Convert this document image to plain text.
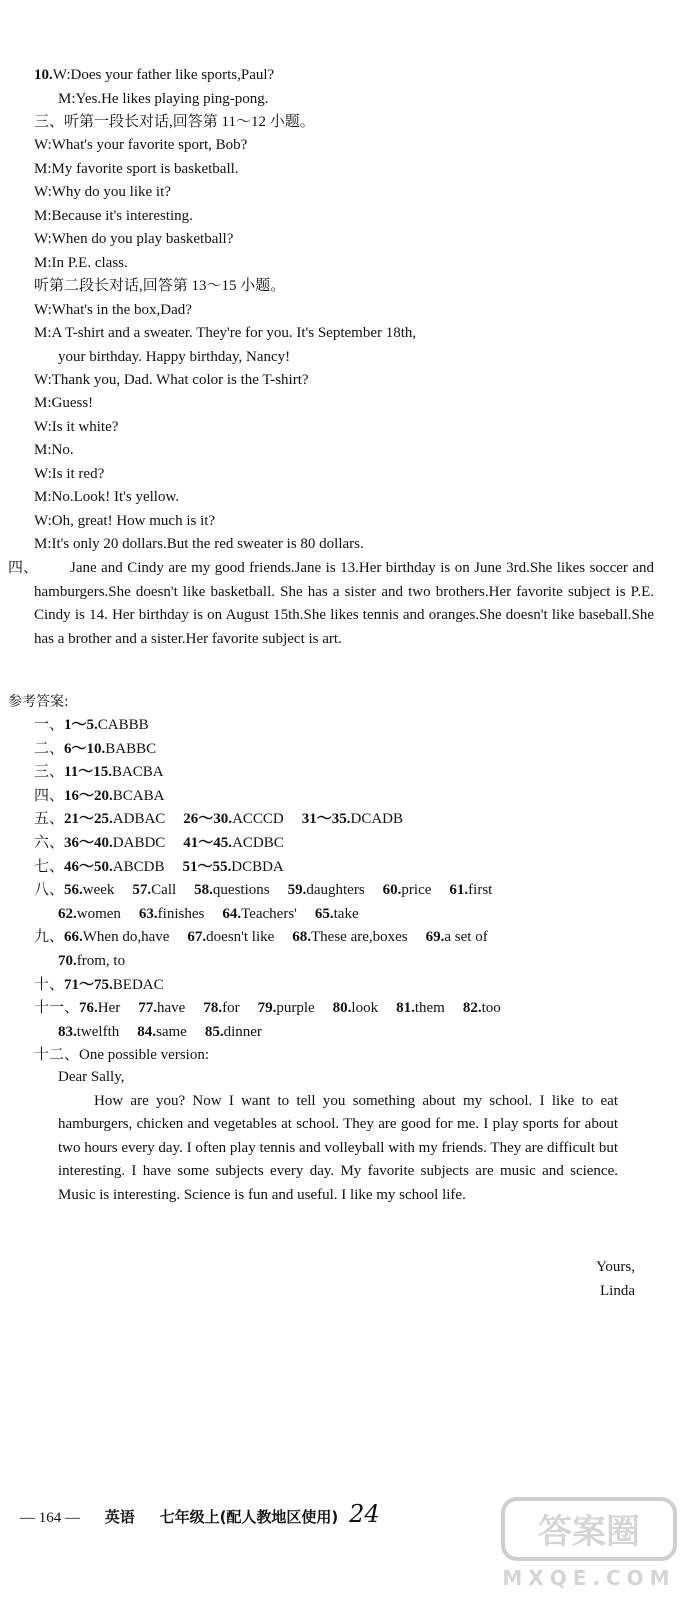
10.W:Does your father like sports,Paul?
M:Yes.He likes playing ping-pong.
三、听第一段长对话,回答第 11～12 小题。
W:What's your favorite sport, Bob?
M:My favorite sport is basketball.
W:Why do you like it?
M:Because it's interesting.
W:When do you play basketball?
M:In P.E. class.
听第二段长对话,回答第 13～15 小题。
W:What's in the box,Dad?
M:A T-shirt and a sweater. They're for you. It's September 18th,
your birthday. Happy birthday, Nancy!
W:Thank you, Dad. What color is the T-shirt?
M:Guess!
W:Is it white?
M:No.
W:Is it red?
M:No.Look! It's yellow.
W:Oh, great! How much is it?
M:It's only 20 dollars.But the red sweater is 80 dollars.
四、	Jane and Cindy are my good friends.Jane is 13.Her birthday is on June 3rd.She likes soccer and hamburgers.She doesn't like basketball. She has a sister and two brothers.Her favorite subject is P.E. Cindy is 14. Her birthday is on August 15th.She likes tennis and oranges.She doesn't like baseball.She has a brother and a sister.Her favorite subject is art.
参考答案:
一、1～5.CABBB
二、6～10.BABBC
三、11～15.BACBA
四、16～20.BCABA
五、21～25.ADBAC 26～30.ACCCD 31～35.DCADB
六、36～40.DABDC 41～45.ACDBC
七、46～50.ABCDB 51～55.DCBDA
八、56.week 57.Call 58.questions 59.daughters 60.price 61.first
62.women 63.finishes 64.Teachers' 65.take
九、66.When do,have 67.doesn't like 68.These are,boxes 69.a set of
70.from, to
十、71～75.BEDAC
十一、76.Her 77.have 78.for 79.purple 80.look 81.them 82.too
83.twelfth 84.same 85.dinner
十二、One possible version:
Dear Sally,
How are you? Now I want to tell you something about my school. I like to eat hamburgers, chicken and vegetables at school. They are good for me. I play sports for about two hours every day. I often play tennis and volleyball with my friends. They are difficult but interesting. I have some subjects every day. My favorite subjects are music and science. Music is interesting. Science is fun and useful. I like my school life.
Yours,
Linda
— 164 — 英语 七年级上(配人教地区使用) 24	答案圈
MXQE.COM
